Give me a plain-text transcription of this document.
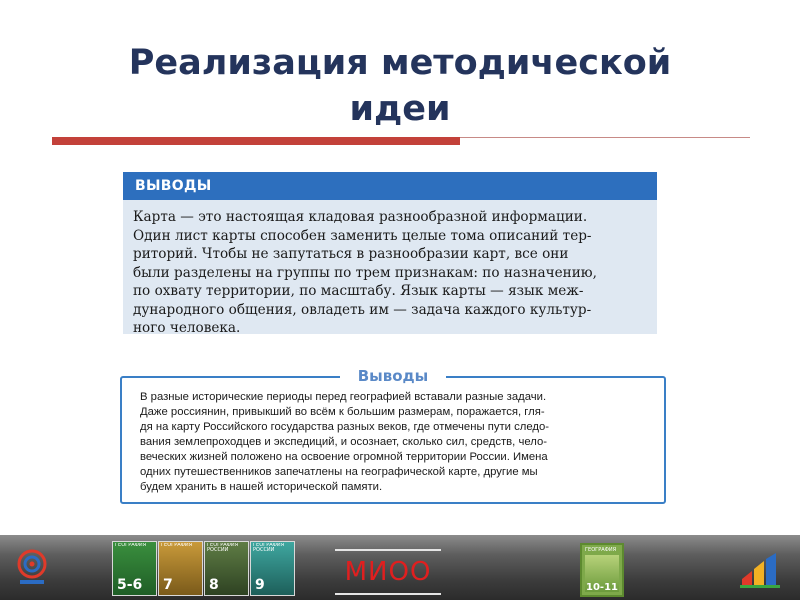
Реализация методической
идеи
ВЫВОДЫ
Карта — это настоящая кладовая разнообразной информации.
Один лист карты способен заменить целые тома описаний тер-
риторий. Чтобы не запутаться в разнообразии карт, все они
были разделены на группы по трем признакам: по назначению,
по охвату территории, по масштабу. Язык карты — язык меж-
дународного общения, овладеть им — задача каждого культур-
ного человека.
Выводы
В разные исторические периоды перед географией вставали разные задачи.
Даже россиянин, привыкший во всём к большим размерам, поражается, гля-
дя на карту Российского государства разных веков, где отмечены пути следо-
вания землепроходцев и экспедиций, и осознает, сколько сил, средств, чело-
веческих жизней положено на освоение огромной территории России. Имена
одних путешественников запечатлены на географической карте, другие мы
будем хранить в нашей исторической памяти.
ГЕОГРАФИЯ
5-6
ГЕОГРАФИЯ
7
ГЕОГРАФИЯ РОССИИ
8
ГЕОГРАФИЯ РОССИИ
9	МИОО
ГЕОГРАФИЯ
10-11
